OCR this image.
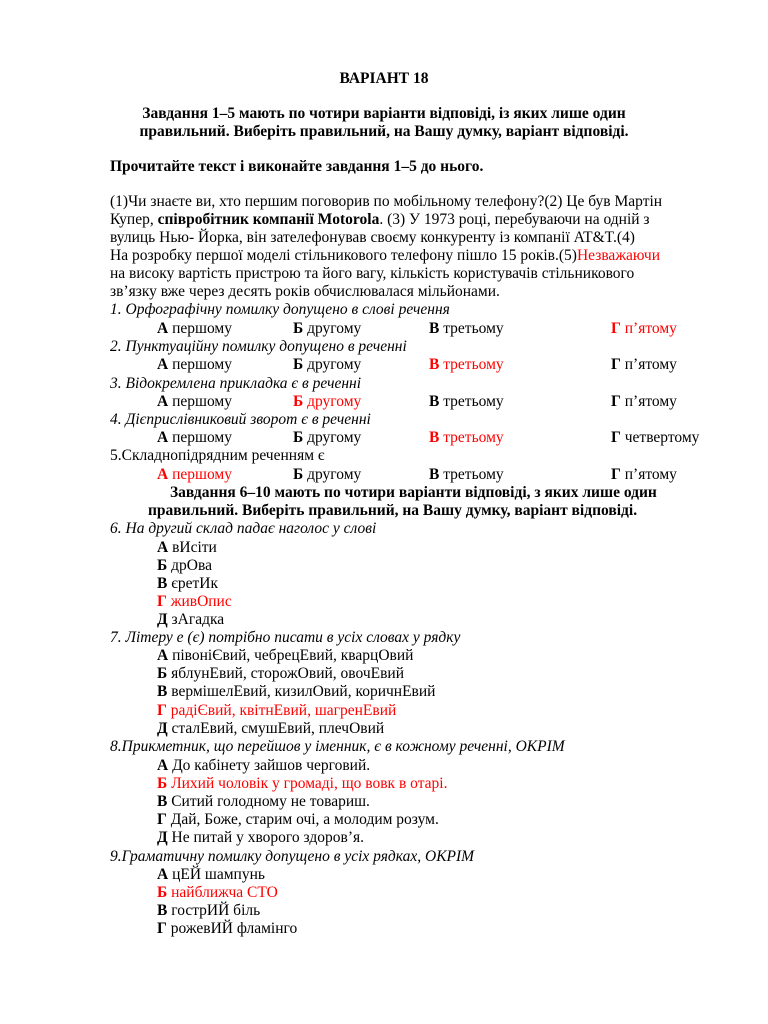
ВАРІАНТ 18
Завдання 1–5 мають по чотири варіанти відповіді, із яких лише один
правильний. Виберіть правильний, на Вашу думку, варіант відповіді.
Прочитайте текст і виконайте завдання 1–5 до нього.
(1)Чи знаєте ви, хто першим поговорив по мобільному телефону?(2) Це був Мартін
Купер, співробітник компанії Motorola. (3) У 1973 році, перебуваючи на одній з
вулиць Нью- Йорка, він зателефонував своєму конкуренту із компанії AT&T.(4)
На розробку першої моделі стільникового телефону пішло 15 років.(5)Незважаючи
на високу вартість пристрою та його вагу, кількість користувачів стільникового
зв’язку вже через десять років обчислювалася мільйонами.
1. Орфографічну помилку допущено в слові речення
А першому	Б другому	В третьому	Г п’ятому
2. Пунктуаційну помилку допущено в реченні
А першому	Б другому	В третьому	Г п’ятому
3. Відокремлена прикладка є в реченні
А першому	Б другому	В третьому	Г п’ятому
4. Дієприслівниковий зворот є в реченні
А першому	Б другому	В третьому	Г четвертому
5.Складнопідрядним реченням є
А першому	Б другому	В третьому	Г п’ятому
Завдання 6–10 мають по чотири варіанти відповіді, з яких лише один
правильний. Виберіть правильний, на Вашу думку, варіант відповіді.
6. На другий склад падає наголос у слові
А вИсіти
Б дрОва
В єретИк
Г живОпис
Д зАгадка
7. Літеру е (є) потрібно писати в усіх словах у рядку
А півоніЄвий, чебрецЕвий, кварцОвий
Б яблунЕвий, сторожОвий, овочЕвий
В вермішелЕвий, кизилОвий, коричнЕвий
Г радіЄвий, квітнЕвий, шагренЕвий
Д сталЕвий, смушЕвий, плечОвий
8.Прикметник, що перейшов у іменник, є в кожному реченні, ОКРІМ
А До кабінету зайшов черговий.
Б Лихий чоловік у громаді, що вовк в отарі.
В Ситий голодному не товариш.
Г Дай, Боже, старим очі, а молодим розум.
Д Не питай у хворого здоров’я.
9.Граматичну помилку допущено в усіх рядках, ОКРІМ
А цЕЙ шампунь
Б найближча СТО
В гострИЙ біль
Г рожевИЙ фламінго
